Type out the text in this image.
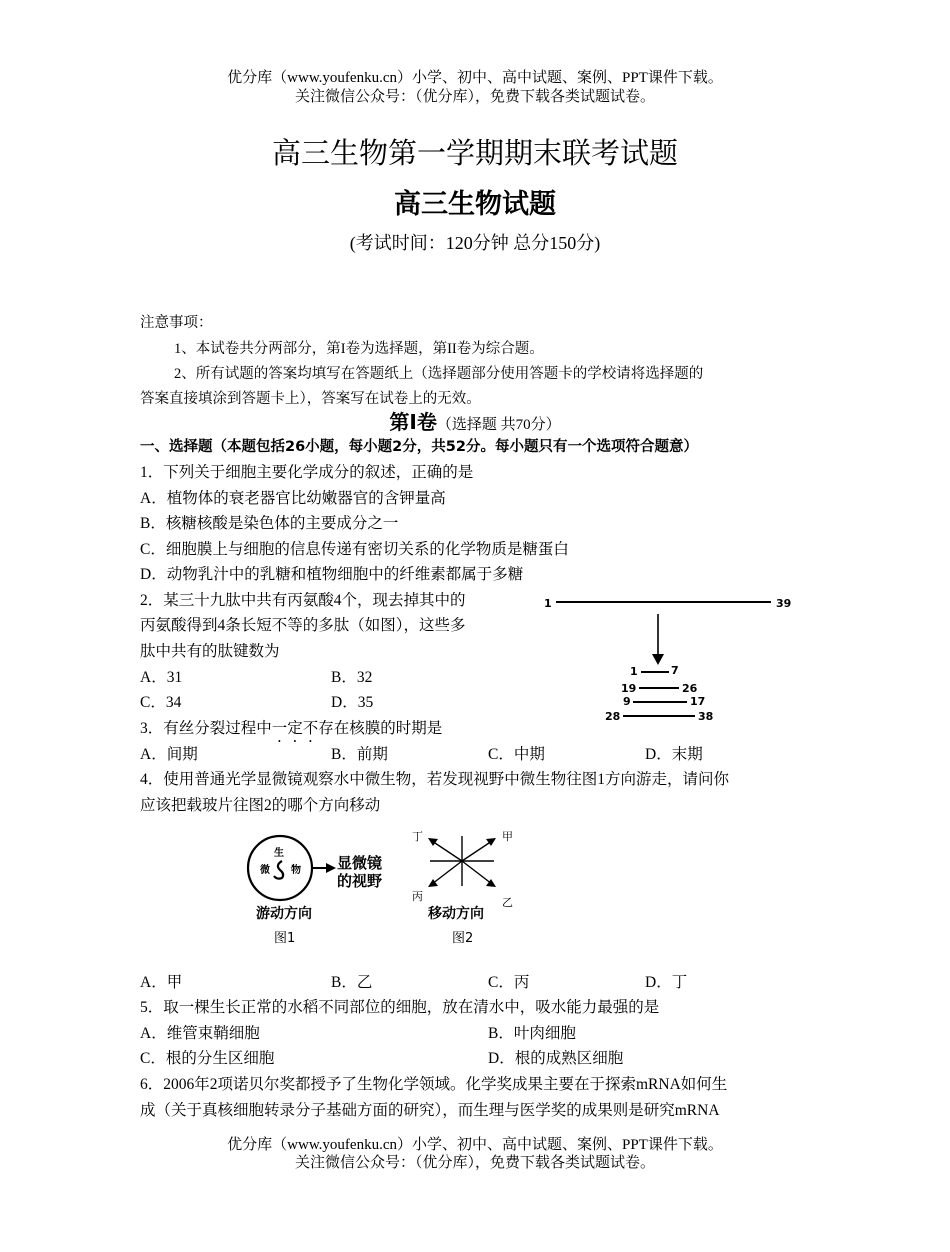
优分库（www.youfenku.cn）小学、初中、高中试题、案例、PPT课件下载。
关注微信公众号：（优分库），免费下载各类试题试卷。
高三生物第一学期期末联考试题
高三生物试题
(考试时间：120分钟 总分150分)
注意事项：
1、本试卷共分两部分，第I卷为选择题，第II卷为综合题。
2、所有试题的答案均填写在答题纸上（选择题部分使用答题卡的学校请将选择题的
答案直接填涂到答题卡上），答案写在试卷上的无效。
第Ⅰ卷（选择题 共70分）
一、选择题（本题包括26小题，每小题2分，共52分。每小题只有一个选项符合题意）
1．下列关于细胞主要化学成分的叙述，正确的是
A．植物体的衰老器官比幼嫩器官的含钾量高
B．核糖核酸是染色体的主要成分之一
C．细胞膜上与细胞的信息传递有密切关系的化学物质是糖蛋白
D．动物乳汁中的乳糖和植物细胞中的纤维素都属于多糖
2．某三十九肽中共有丙氨酸4个，现去掉其中的
丙氨酸得到4条长短不等的多肽（如图），这些多
肽中共有的肽键数为
A．31	B．32
C．34	D．35
1	39
1	7
19	26
9	17
28	38
3．有丝分裂过程中一定不存在核膜的时期是
A．间期	B．前期	C．中期	D．末期
4．使用普通光学显微镜观察水中微生物，若发现视野中微生物往图1方向游走，请问你
应该把载玻片往图2的哪个方向移动
生
物
微	显微镜
的视野
游动方向
图1
丁	甲
丙	乙
移动方向
图2
A．甲	B．乙	C．丙	D．丁
5．取一棵生长正常的水稻不同部位的细胞，放在清水中，吸水能力最强的是
A．维管束鞘细胞	B．叶肉细胞
C．根的分生区细胞	D．根的成熟区细胞
6．2006年2项诺贝尔奖都授予了生物化学领域。化学奖成果主要在于探索mRNA如何生
成（关于真核细胞转录分子基础方面的研究），而生理与医学奖的成果则是研究mRNA
优分库（www.youfenku.cn）小学、初中、高中试题、案例、PPT课件下载。
关注微信公众号：（优分库），免费下载各类试题试卷。
